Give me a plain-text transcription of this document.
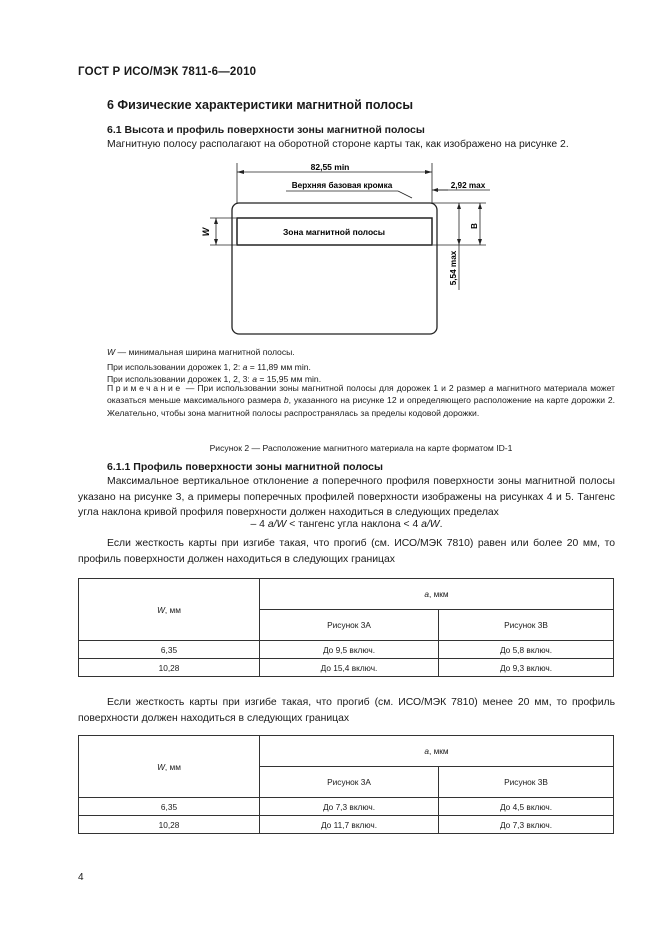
ГОСТ Р ИСО/МЭК 7811-6—2010
6 Физические характеристики магнитной полосы
6.1 Высота и профиль поверхности зоны магнитной полосы
Магнитную полосу располагают на оборотной стороне карты так, как изображено на рисунке 2.
Зона магнитной полосы
82,55 min
Верхняя базовая кромка	2,92 max
W
B
5,54 max
W — минимальная ширина магнитной полосы.
При использовании дорожек 1, 2: a = 11,89 мм min.
При использовании дорожек 1, 2, 3: a = 15,95 мм min.
Примечание — При использовании зоны магнитной полосы для дорожек 1 и 2 размер a магнитного материала может оказаться меньше максимального размера b, указанного на рисунке 12 и определяющего расположение на карте дорожки 2. Желательно, чтобы зона магнитной полосы распространялась за пределы кодовой дорожки.
Рисунок 2 — Расположение магнитного материала на карте форматом ID-1
6.1.1 Профиль поверхности зоны магнитной полосы
Максимальное вертикальное отклонение a поперечного профиля поверхности зоны магнитной полосы указано на рисунке 3, а примеры поперечных профилей поверхности изображены на рисунках 4 и 5. Тангенс угла наклона кривой профиля поверхности должен находиться в следующих пределах
– 4 a/W < тангенс угла наклона < 4 a/W.
Если жесткость карты при изгибе такая, что прогиб (см. ИСО/МЭК 7810) равен или более 20 мм, то профиль поверхности должен находиться в следующих границах
W, мм	a, мкм	
	Рисунок 3А	Рисунок 3В
6,35	До 9,5 включ.	До 5,8 включ.
10,28	До 15,4 включ.	До 9,3 включ.
Если жесткость карты при изгибе такая, что прогиб (см. ИСО/МЭК 7810) менее 20 мм, то профиль поверхности должен находиться в следующих границах
W, мм	a, мкм	
	Рисунок 3А	Рисунок 3В
6,35	До 7,3 включ.	До 4,5 включ.
10,28	До 11,7 включ.	До 7,3 включ.
4
